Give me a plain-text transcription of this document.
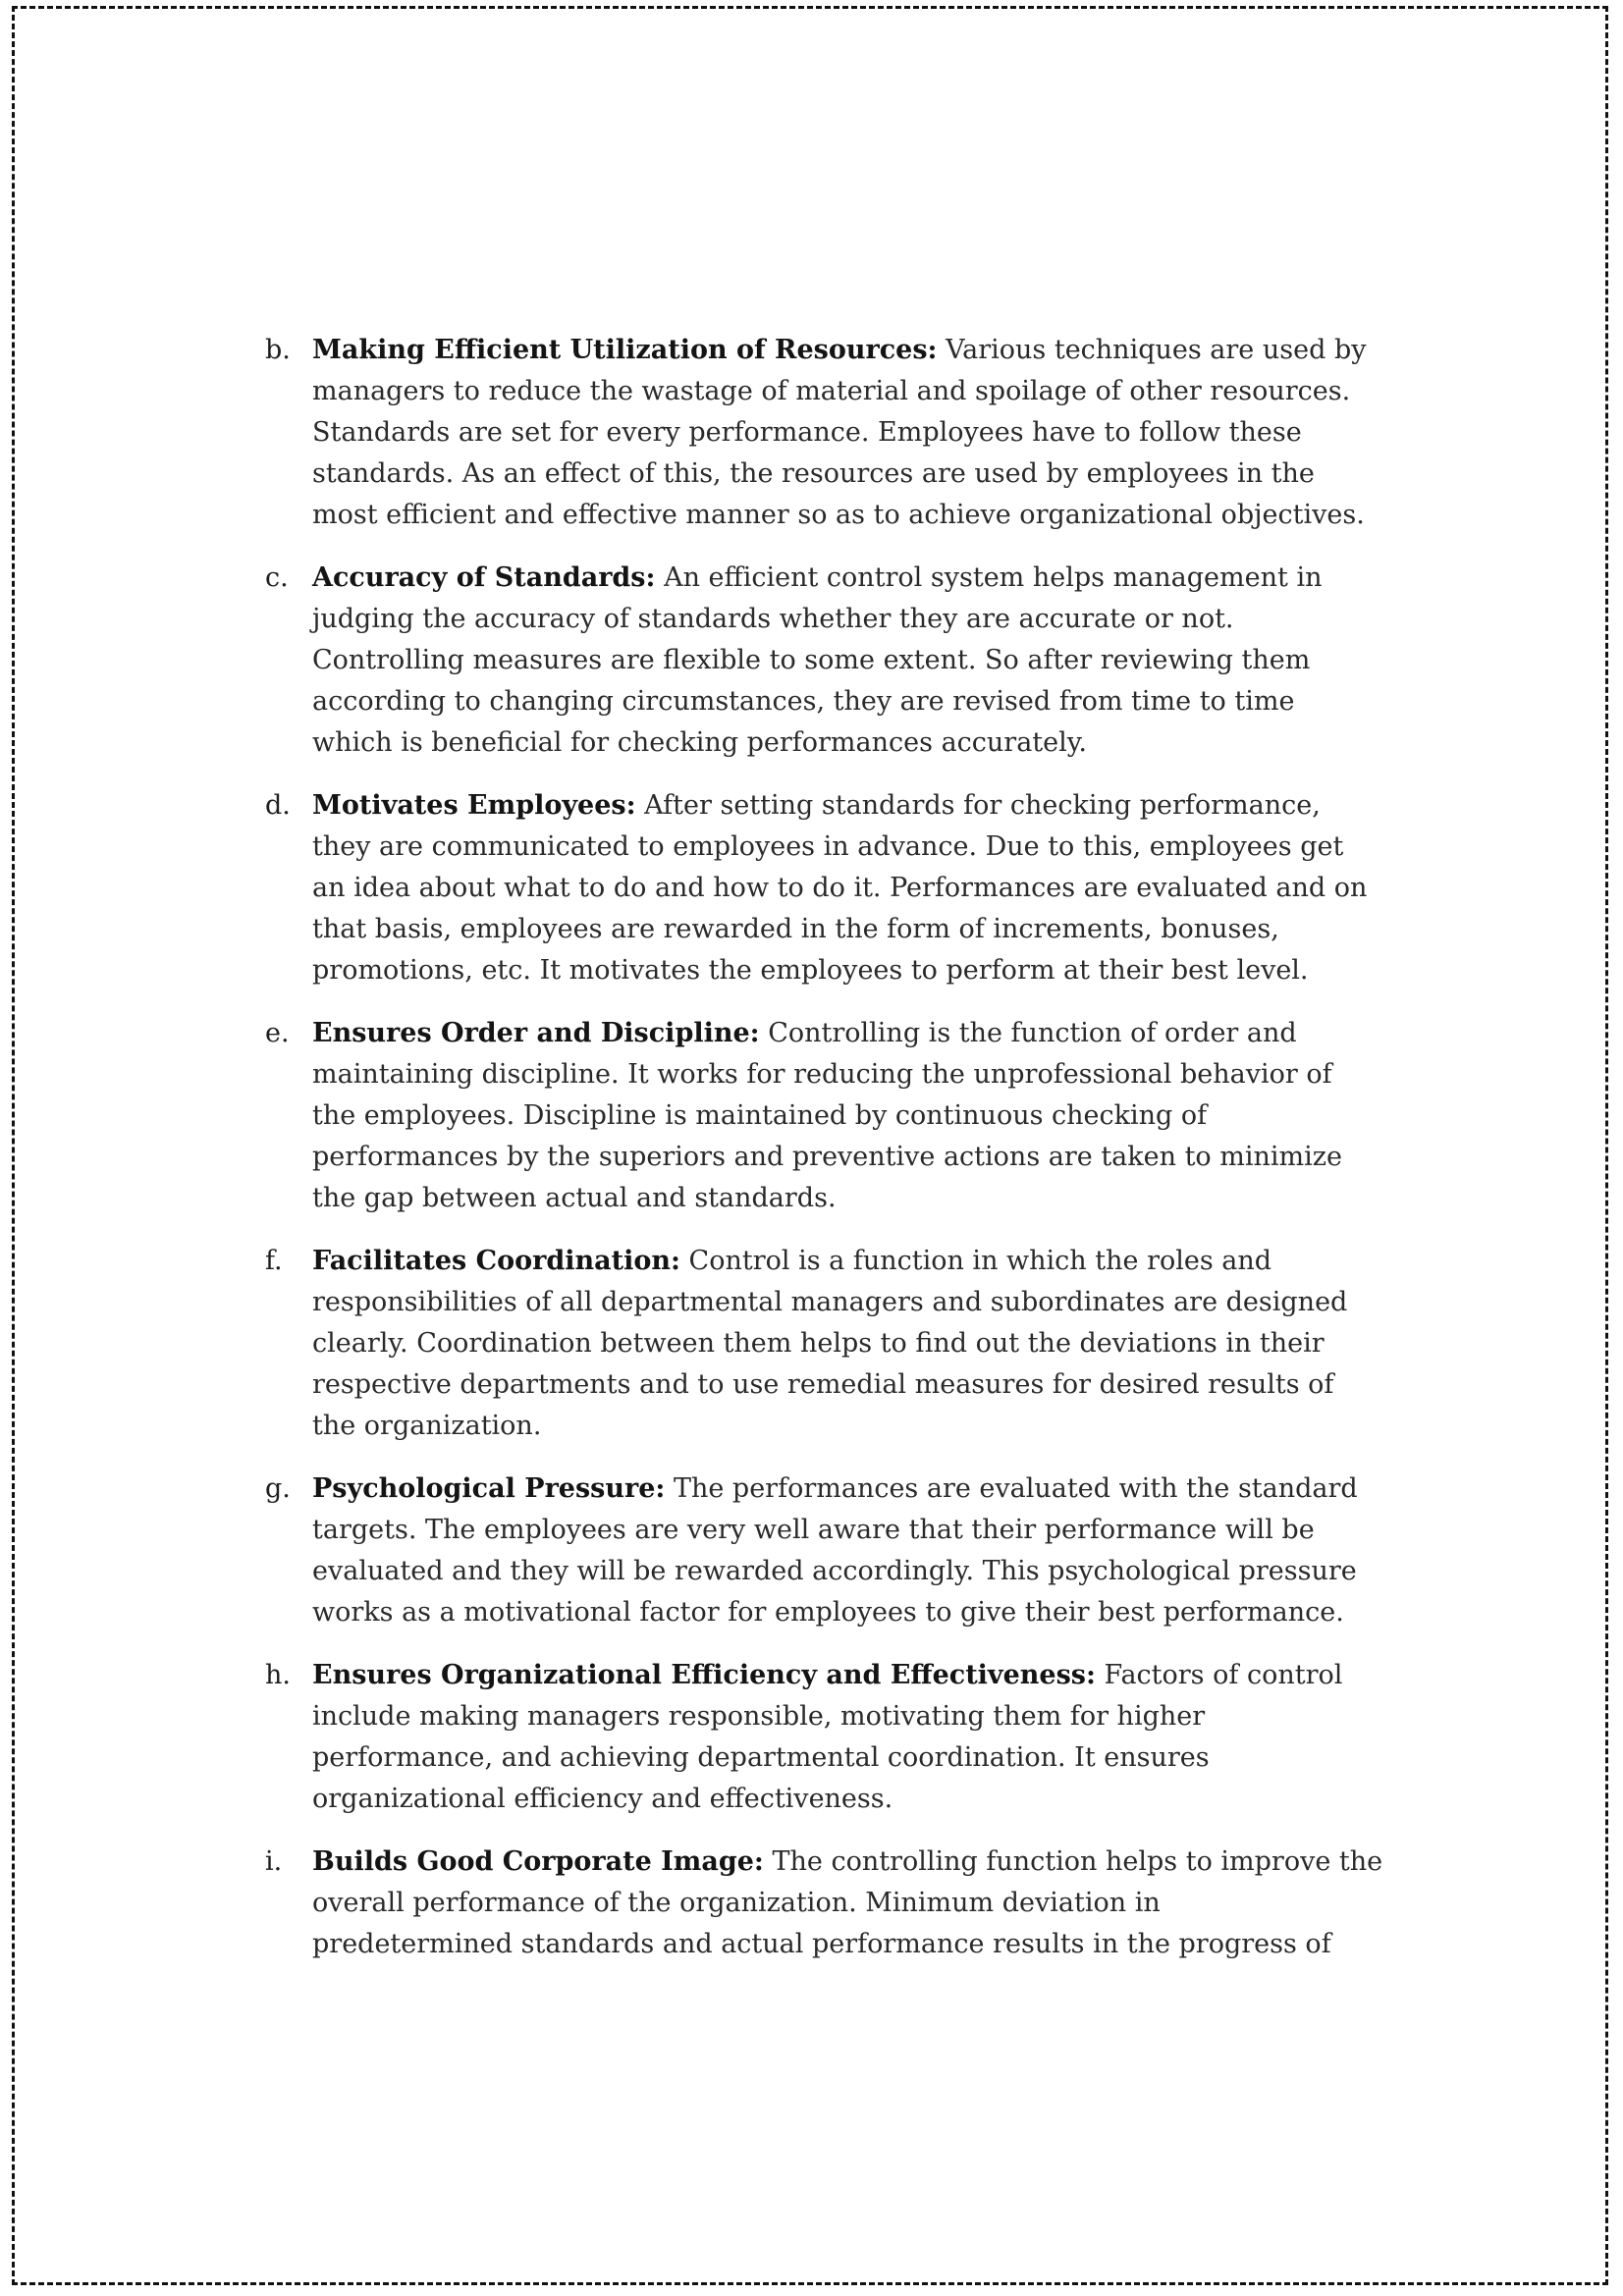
b. Making Efficient Utilization of Resources: Various techniques are used by
managers to reduce the wastage of material and spoilage of other resources.
Standards are set for every performance. Employees have to follow these
standards. As an effect of this, the resources are used by employees in the
most efficient and effective manner so as to achieve organizational objectives.
c. Accuracy of Standards: An efficient control system helps management in
judging the accuracy of standards whether they are accurate or not.
Controlling measures are flexible to some extent. So after reviewing them
according to changing circumstances, they are revised from time to time
which is beneficial for checking performances accurately.
d. Motivates Employees: After setting standards for checking performance,
they are communicated to employees in advance. Due to this, employees get
an idea about what to do and how to do it. Performances are evaluated and on
that basis, employees are rewarded in the form of increments, bonuses,
promotions, etc. It motivates the employees to perform at their best level.
e. Ensures Order and Discipline: Controlling is the function of order and
maintaining discipline. It works for reducing the unprofessional behavior of
the employees. Discipline is maintained by continuous checking of
performances by the superiors and preventive actions are taken to minimize
the gap between actual and standards.
f.	Facilitates Coordination: Control is a function in which the roles and
responsibilities of all departmental managers and subordinates are designed
clearly. Coordination between them helps to find out the deviations in their
respective departments and to use remedial measures for desired results of
the organization.
g. Psychological Pressure: The performances are evaluated with the standard
targets. The employees are very well aware that their performance will be
evaluated and they will be rewarded accordingly. This psychological pressure
works as a motivational factor for employees to give their best performance.
h. Ensures Organizational Efficiency and Effectiveness: Factors of control
include making managers responsible, motivating them for higher
performance, and achieving departmental coordination. It ensures
organizational efficiency and effectiveness.
i.	Builds Good Corporate Image: The controlling function helps to improve the
overall performance of the organization. Minimum deviation in
predetermined standards and actual performance results in the progress of
